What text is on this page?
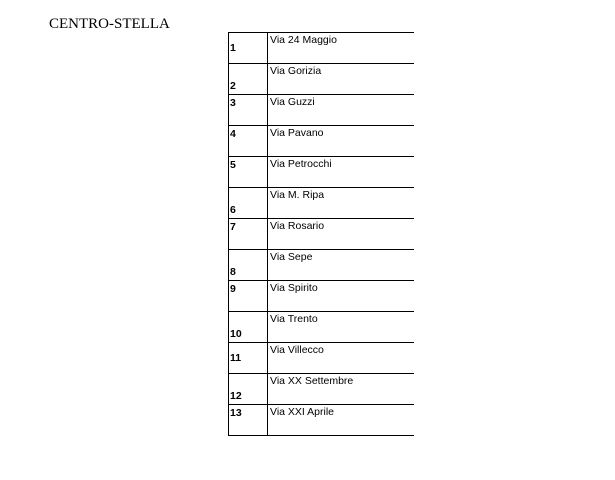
CENTRO-STELLA
1	Via 24 Maggio

2	Via Gorizia

3	Via Guzzi

4	Via Pavano

5	Via Petrocchi

6	Via M. Ripa

7	Via Rosario

8	Via Sepe

9	Via Spirito

10	Via Trento

11	Via Villecco

12	Via XX Settembre

13	Via XXI Aprile
